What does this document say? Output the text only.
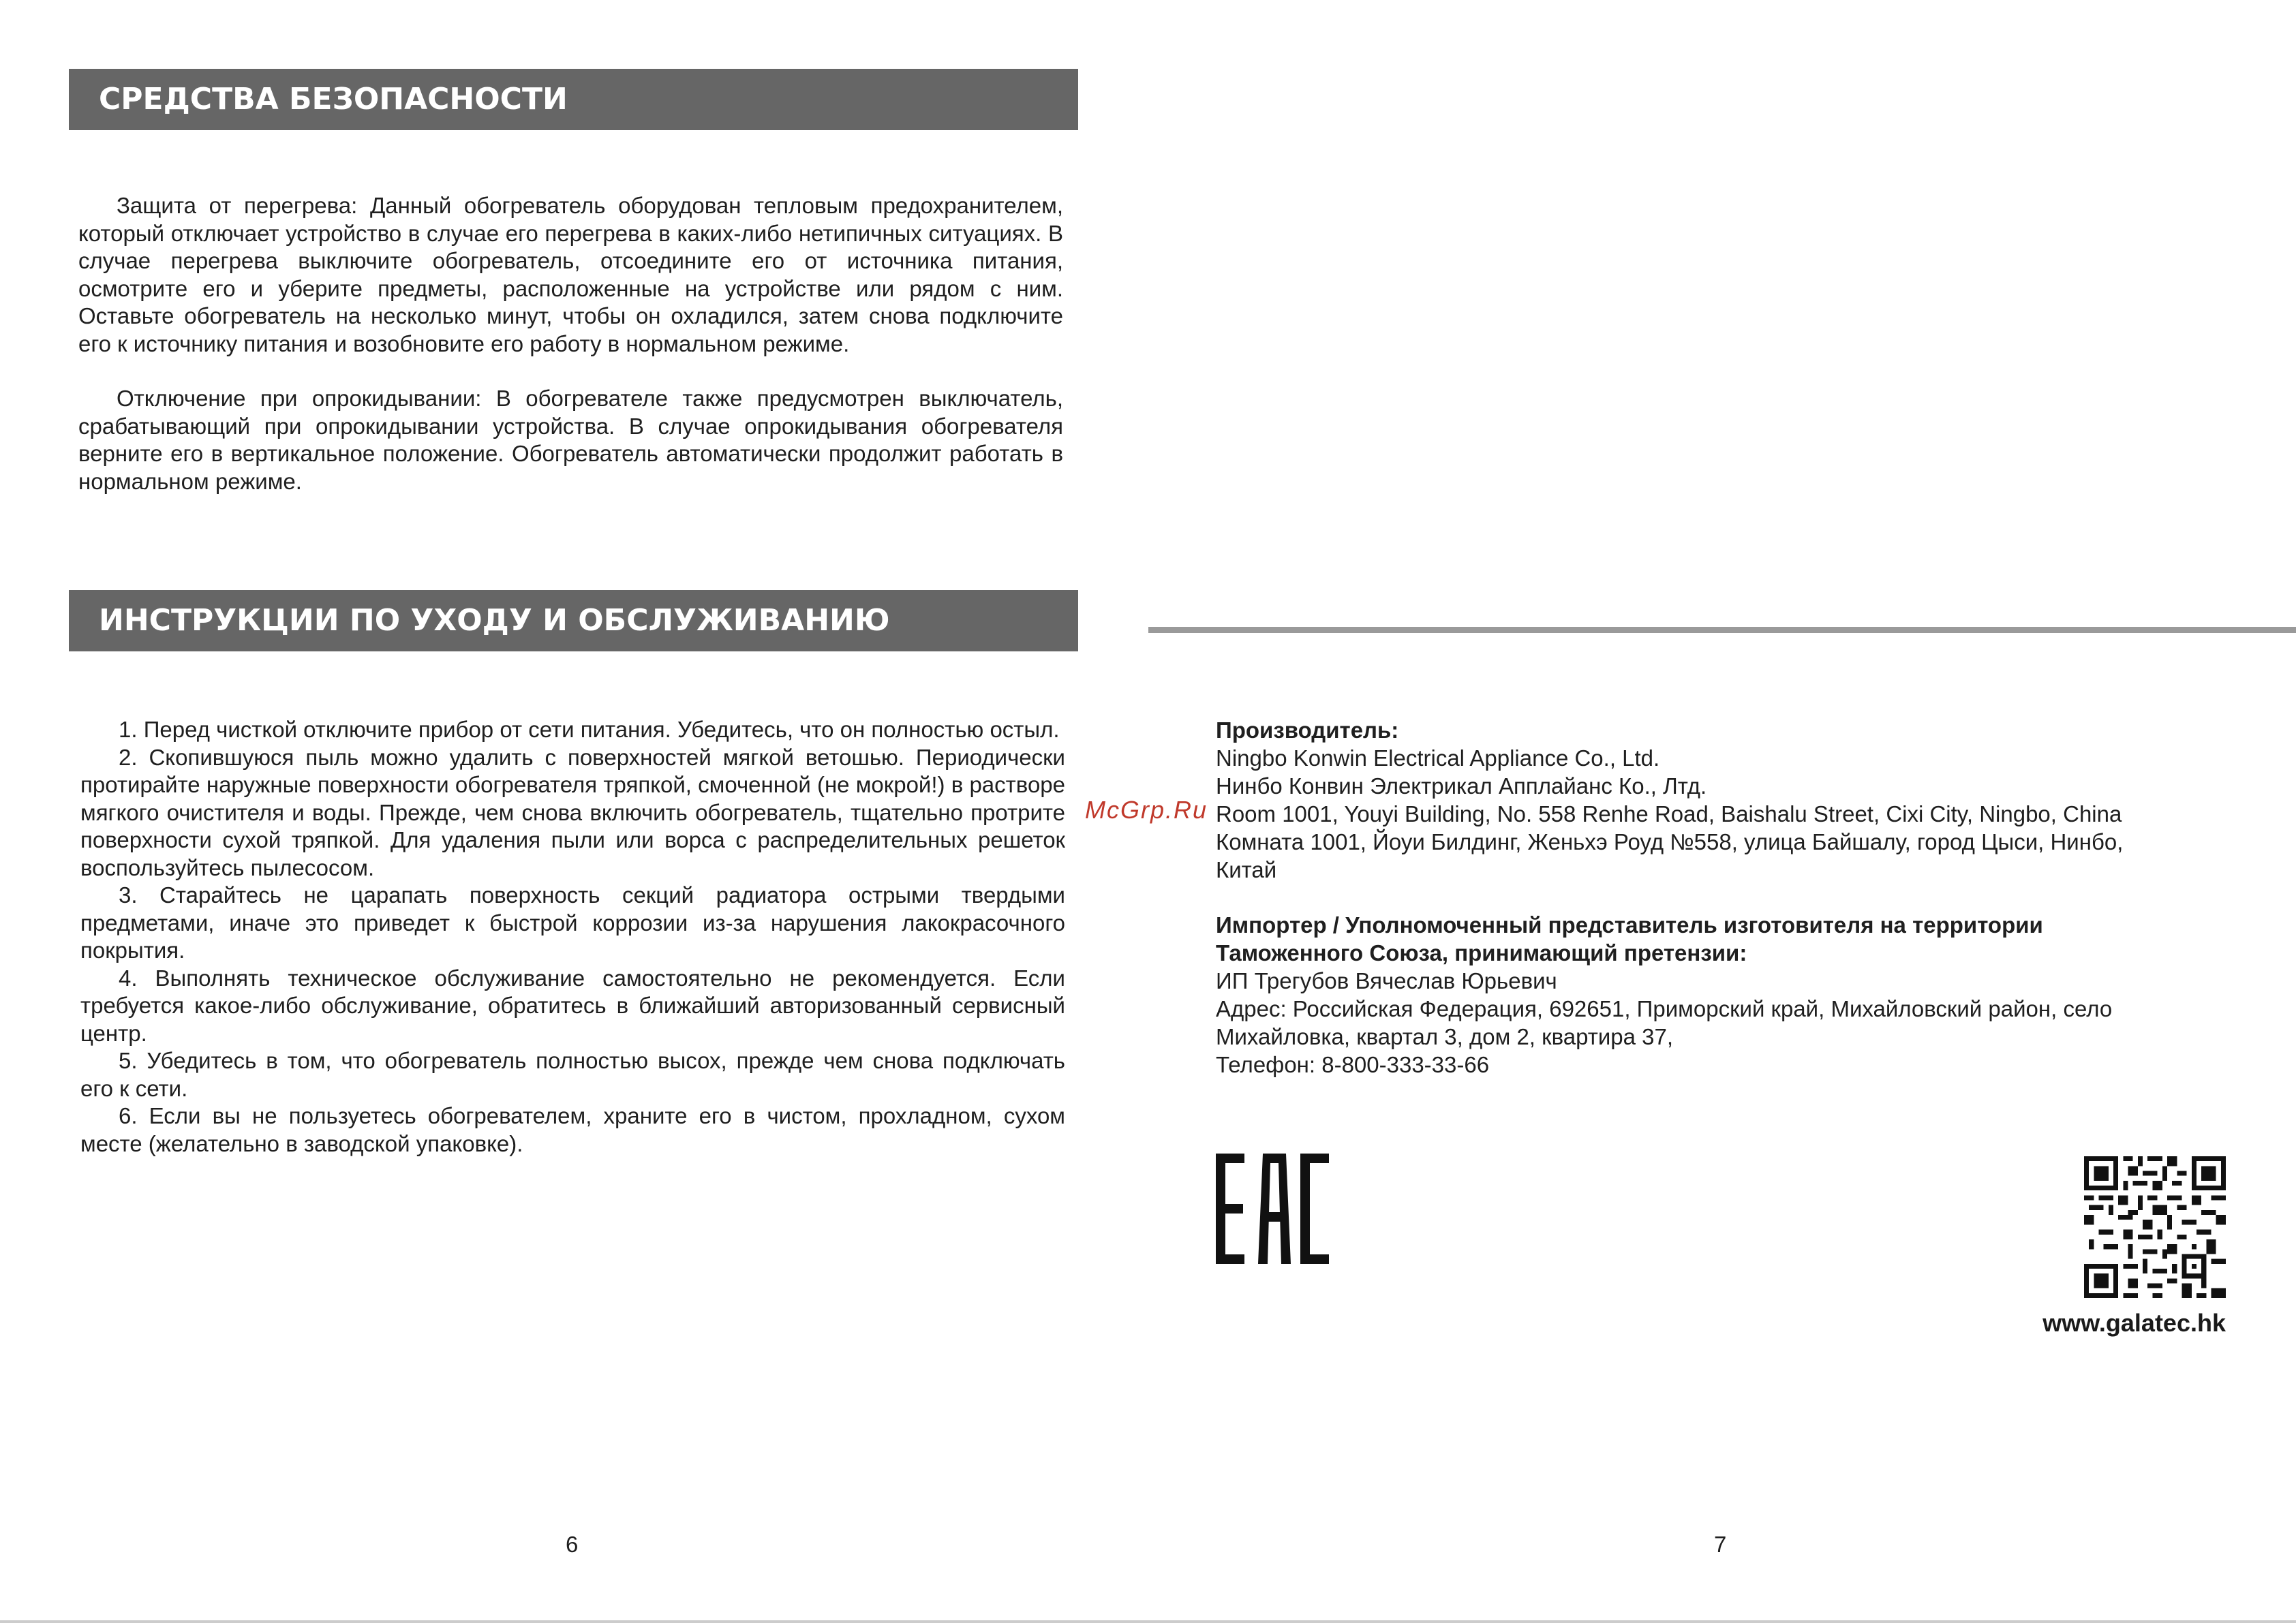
СРЕДСТВА БЕЗОПАСНОСТИ

Защита от перегрева: Данный обогреватель оборудован тепловым предохранителем, который отключает устройство в случае его перегрева в каких-либо нетипичных ситуациях. В случае перегрева выключите обогреватель, отсоедините его от источника питания, осмотрите его и уберите предметы, расположенные на устройстве или рядом с ним. Оставьте обогреватель на несколько минут, чтобы он охладился, затем снова подключите его к источнику питания и возобновите его работу в нормальном режиме.

Отключение при опрокидывании: В обогревателе также предусмотрен выключатель, срабатывающий при опрокидывании устройства. В случае опрокидывания обогревателя верните его в вертикальное положение. Обогреватель автоматически продолжит работать в нормальном режиме.

ИНСТРУКЦИИ ПО УХОДУ И ОБСЛУЖИВАНИЮ

1. Перед чисткой отключите прибор от сети питания. Убедитесь, что он полностью остыл.

2. Скопившуюся пыль можно удалить с поверхностей мягкой ветошью. Периодически протирайте наружные поверхности обогревателя тряпкой, смоченной (не мокрой!) в растворе мягкого очистителя и воды. Прежде, чем снова включить обогреватель, тщательно протрите поверхности сухой тряпкой. Для удаления пыли или ворса с распределительных решеток воспользуйтесь пылесосом.

3. Старайтесь не царапать поверхность секций радиатора острыми твердыми предметами, иначе это приведет к быстрой коррозии из-за нарушения лакокрасочного покрытия.

4. Выполнять техническое обслуживание самостоятельно не рекомендуется. Если требуется какое-либо обслуживание, обратитесь в ближайший авторизованный сервисный центр.

5. Убедитесь в том, что обогреватель полностью высох, прежде чем снова подключать его к сети.

6. Если вы не пользуетесь обогревателем, храните его в чистом, прохладном, сухом месте (желательно в заводской упаковке).

6
McGrp.Ru
Производитель:
Ningbo Konwin Electrical Appliance Co., Ltd.
Нинбо Конвин Электрикал Апплайанс Ко., Лтд.
Room 1001, Youyi Building, No. 558 Renhe Road, Baishalu Street, Cixi City, Ningbo, China
Комната 1001, Йоуи Билдинг, Женьхэ Роуд №558, улица Байшалу, город Цыси, Нинбо,
Китай
Импортер / Уполномоченный представитель изготовителя на территории
Таможенного Союза, принимающий претензии:
ИП Трегубов Вячеслав Юрьевич
Адрес: Российская Федерация, 692651, Приморский край, Михайловский район, село
Михайловка, квартал 3, дом 2, квартира 37,
Телефон: 8-800-333-33-66
www.galatec.hk
7
